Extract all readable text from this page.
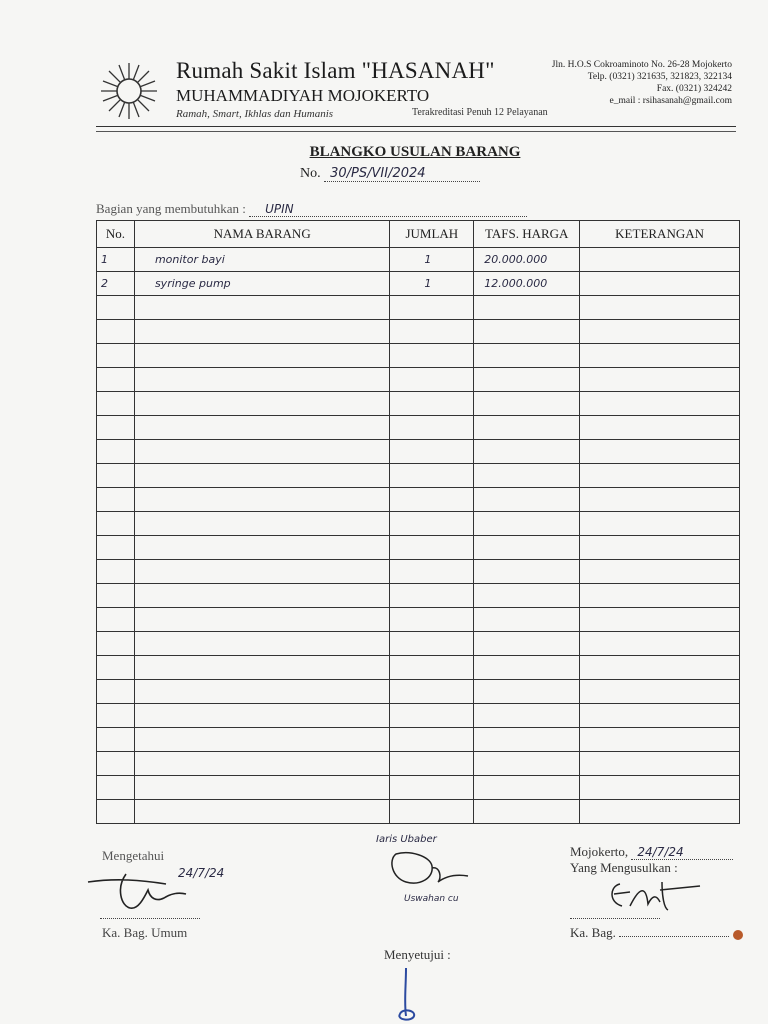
Rumah Sakit Islam "HASANAH"
MUHAMMADIYAH MOJOKERTO
Ramah, Smart, Ikhlas dan Humanis	Terakreditasi Penuh 12 Pelayanan
Jln. H.O.S Cokroaminoto No. 26-28 Mojokerto
Telp. (0321) 321635, 321823, 322134
Fax. (0321) 324242
e_mail : rsihasanah@gmail.com
BLANGKO USULAN BARANG
No. 30/PS/VII/2024
Bagian yang membutuhkan : UPIN
No.	NAMA BARANG	JUMLAH	TAFS. HARGA	KETERANGAN
1	monitor bayi	1	20.000.000	
2	syringe pump	1	12.000.000	

Mengetahui
24/7/24
Ka. Bag. Umum
Iaris Ubaber
Uswahan cu
Mojokerto, 24/7/24
Yang Mengusulkan :
Ka. Bag.
Menyetujui :
